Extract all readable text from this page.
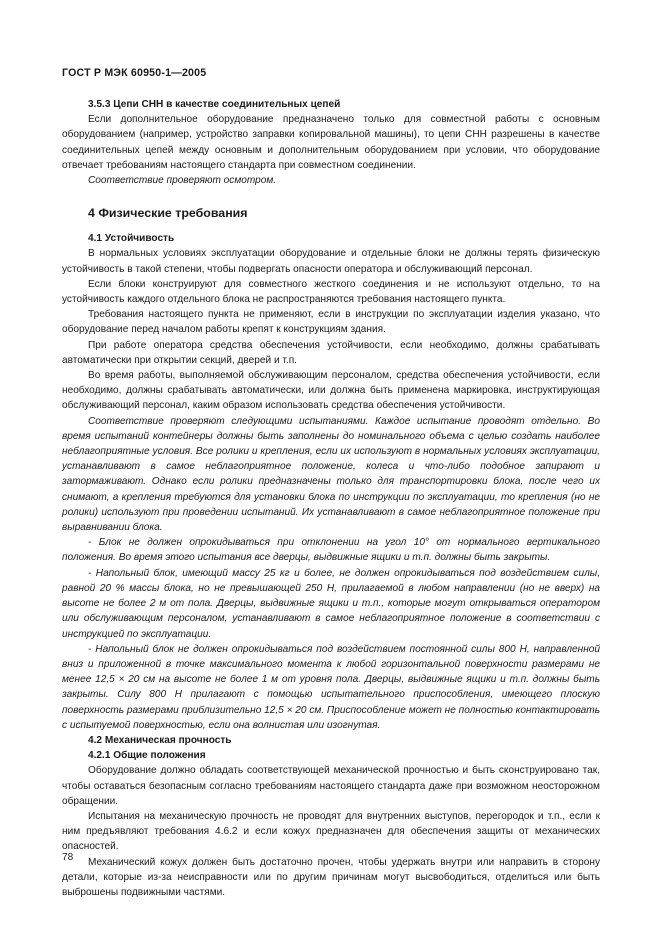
ГОСТ Р МЭК 60950-1—2005

3.5.3 Цепи СНН в качестве соединительных цепей

Если дополнительное оборудование предназначено только для совместной работы с основным оборудованием (например, устройство заправки копировальной машины), то цепи СНН разрешены в качестве соединительных цепей между основным и дополнительным оборудованием при условии, что оборудование отвечает требованиям настоящего стандарта при совместном соединении.

Соответствие проверяют осмотром.

4 Физические требования

4.1 Устойчивость

В нормальных условиях эксплуатации оборудование и отдельные блоки не должны терять физическую устойчивость в такой степени, чтобы подвергать опасности оператора и обслуживающий персонал.

Если блоки конструируют для совместного жесткого соединения и не используют отдельно, то на устойчивость каждого отдельного блока не распространяются требования настоящего пункта.

Требования настоящего пункта не применяют, если в инструкции по эксплуатации изделия указано, что оборудование перед началом работы крепят к конструкциям здания.

При работе оператора средства обеспечения устойчивости, если необходимо, должны срабатывать автоматически при открытии секций, дверей и т.п.

Во время работы, выполняемой обслуживающим персоналом, средства обеспечения устойчивости, если необходимо, должны срабатывать автоматически, или должна быть применена маркировка, инструктирующая обслуживающий персонал, каким образом использовать средства обеспечения устойчивости.

Соответствие проверяют следующими испытаниями. Каждое испытание проводят отдельно. Во время испытаний контейнеры должны быть заполнены до номинального объема с целью создать наиболее неблагоприятные условия. Все ролики и крепления, если их используют в нормальных условиях эксплуатации, устанавливают в самое неблагоприятное положение, колеса и что-либо подобное запирают и затормаживают. Однако если ролики предназначены только для транспортировки блока, после чего их снимают, а крепления требуются для установки блока по инструкции по эксплуатации, то крепления (но не ролики) используют при проведении испытаний. Их устанавливают в самое неблагоприятное положение при выравнивании блока.

- Блок не должен опрокидываться при отклонении на угол 10° от нормального вертикального положения. Во время этого испытания все дверцы, выдвижные ящики и т.п. должны быть закрыты.

- Напольный блок, имеющий массу 25 кг и более, не должен опрокидываться под воздействием силы, равной 20 % массы блока, но не превышающей 250 Н, прилагаемой в любом направлении (но не вверх) на высоте не более 2 м от пола. Дверцы, выдвижные ящики и т.п., которые могут открываться оператором или обслуживающим персоналом, устанавливают в самое неблагоприятное положение в соответствии с инструкцией по эксплуатации.

- Напольный блок не должен опрокидываться под воздействием постоянной силы 800 Н, направленной вниз и приложенной в точке максимального момента к любой горизонтальной поверхности размерами не менее 12,5 × 20 см на высоте не более 1 м от уровня пола. Дверцы, выдвижные ящики и т.п. должны быть закрыты. Силу 800 Н прилагают с помощью испытательного приспособления, имеющего плоскую поверхность размерами приблизительно 12,5 × 20 см. Приспособление может не полностью контактировать с испытуемой поверхностью, если она волнистая или изогнутая.

4.2 Механическая прочность

4.2.1 Общие положения

Оборудование должно обладать соответствующей механической прочностью и быть сконструировано так, чтобы оставаться безопасным согласно требованиям настоящего стандарта даже при возможном неосторожном обращении.

Испытания на механическую прочность не проводят для внутренних выступов, перегородок и т.п., если к ним предъявляют требования 4.6.2 и если кожух предназначен для обеспечения защиты от механических опасностей.

Механический кожух должен быть достаточно прочен, чтобы удержать внутри или направить в сторону детали, которые из-за неисправности или по другим причинам могут высвободиться, отделиться или быть выброшены подвижными частями.

78
